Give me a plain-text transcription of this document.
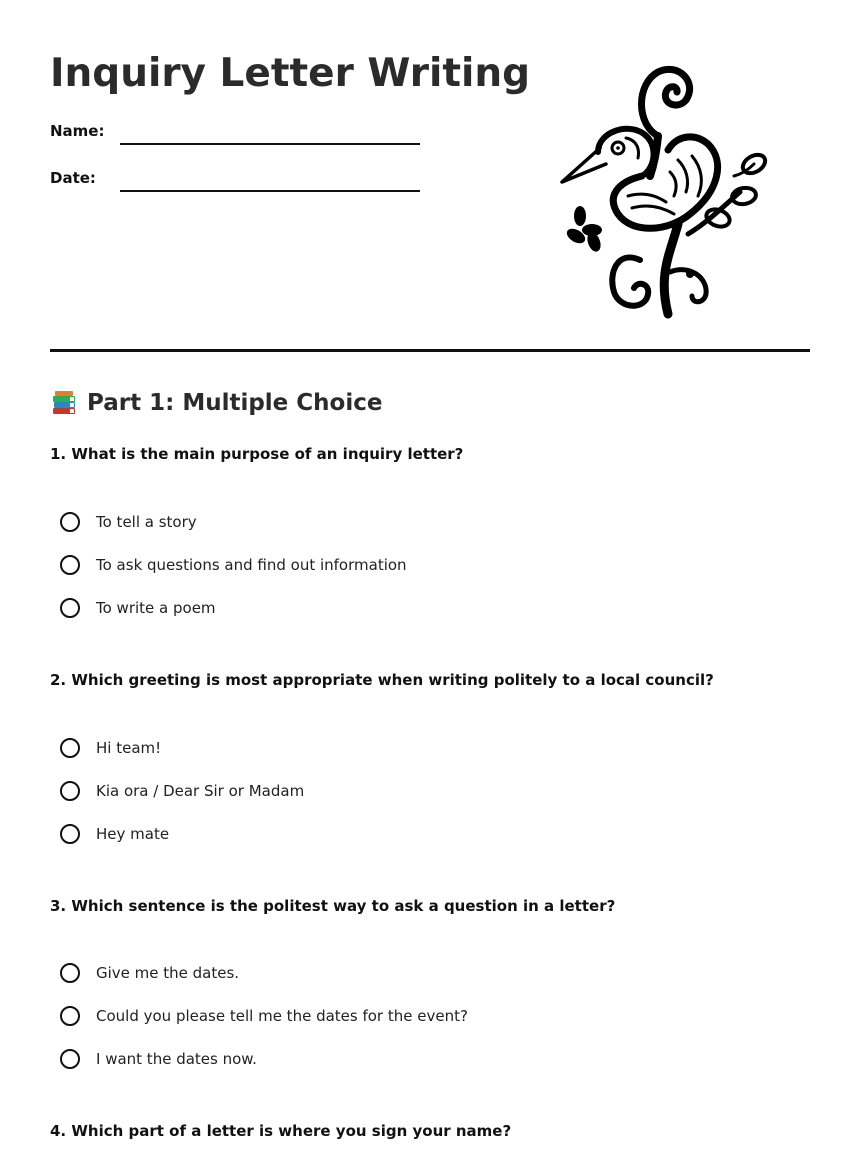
Inquiry Letter Writing
Name:
Date:
Part 1: Multiple Choice

1. What is the main purpose of an inquiry letter?

To tell a story
To ask questions and find out information
To write a poem

2. Which greeting is most appropriate when writing politely to a local council?

Hi team!
Kia ora / Dear Sir or Madam
Hey mate

3. Which sentence is the politest way to ask a question in a letter?

Give me the dates.
Could you please tell me the dates for the event?
I want the dates now.

4. Which part of a letter is where you sign your name?
